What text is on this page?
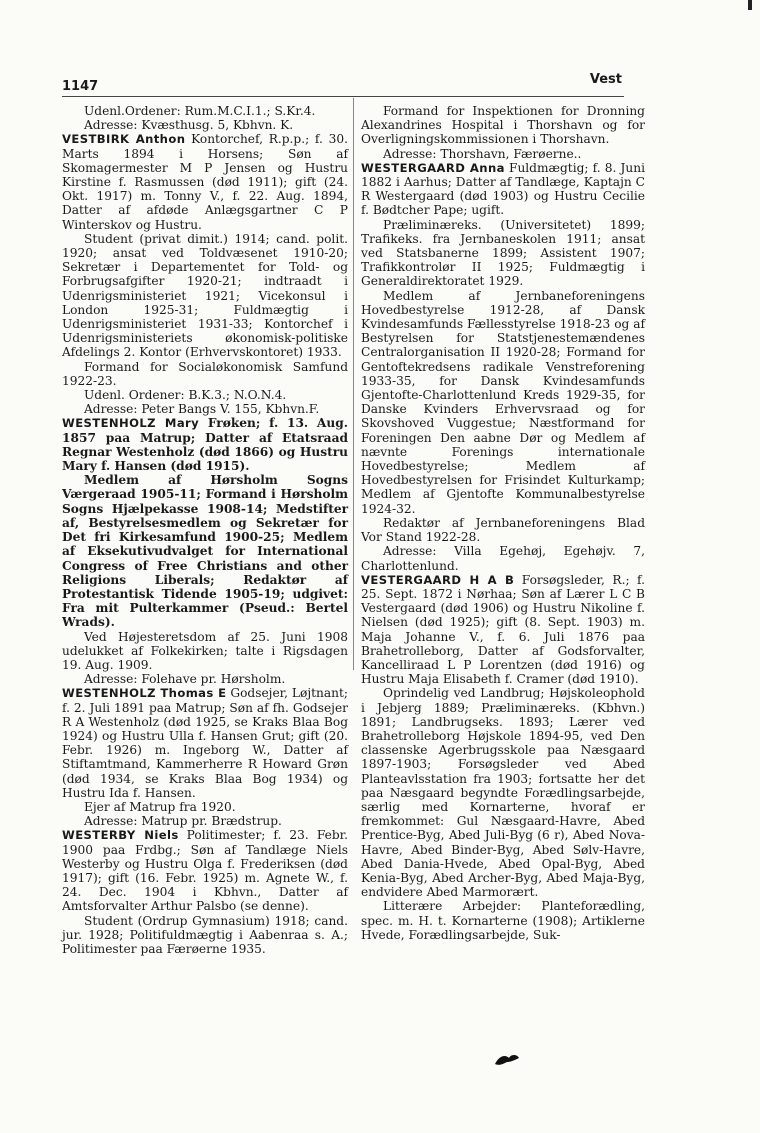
1147	Vest

Udenl.Ordener: Rum.M.C.I.1.; S.Kr.4.

Adresse: Kvæsthusg. 5, Kbhvn. K.

VESTBIRK Anthon Kontorchef, R.p.p.; f. 30. Marts 1894 i Horsens; Søn af Skomagermester M P Jensen og Hustru Kirstine f. Rasmussen (død 1911); gift (24. Okt. 1917) m. Tonny V., f. 22. Aug. 1894, Datter af afdøde Anlægsgartner C P Winterskov og Hustru.

Student (privat dimit.) 1914; cand. polit. 1920; ansat ved Toldvæsenet 1910-20; Sekretær i Departementet for Told- og Forbrugsafgifter 1920-21; indtraadt i Udenrigsministeriet 1921; Vicekonsul i London 1925-31; Fuldmægtig i Udenrigsministeriet 1931-33; Kontorchef i Udenrigsministeriets økonomisk-politiske Afdelings 2. Kontor (Erhvervskontoret) 1933.

Formand for Socialøkonomisk Samfund 1922-23.

Udenl. Ordener: B.K.3.; N.O.N.4.

Adresse: Peter Bangs V. 155, Kbhvn.F.

WESTENHOLZ Mary Frøken; f. 13. Aug. 1857 paa Matrup; Datter af Etatsraad Regnar Westenholz (død 1866) og Hustru Mary f. Hansen (død 1915).

Medlem af Hørsholm Sogns Værgeraad 1905-11; Formand i Hørsholm Sogns Hjælpekasse 1908-14; Medstifter af, Bestyrelsesmedlem og Sekretær for Det fri Kirkesamfund 1900-25; Medlem af Eksekutivudvalget for International Congress of Free Christians and other Religions Liberals; Redaktør af Protestantisk Tidende 1905-19; udgivet: Fra mit Pulterkammer (Pseud.: Bertel Wrads).

Ved Højesteretsdom af 25. Juni 1908 udelukket af Folkekirken; talte i Rigsdagen 19. Aug. 1909.

Adresse: Folehave pr. Hørsholm.

WESTENHOLZ Thomas E Godsejer, Løjtnant; f. 2. Juli 1891 paa Matrup; Søn af fh. Godsejer R A Westenholz (død 1925, se Kraks Blaa Bog 1924) og Hustru Ulla f. Hansen Grut; gift (20. Febr. 1926) m. Ingeborg W., Datter af Stiftamtmand, Kammerherre R Howard Grøn (død 1934, se Kraks Blaa Bog 1934) og Hustru Ida f. Hansen.

Ejer af Matrup fra 1920.

Adresse: Matrup pr. Brædstrup.

WESTERBY Niels Politimester; f. 23. Febr. 1900 paa Frdbg.; Søn af Tandlæge Niels Westerby og Hustru Olga f. Frederiksen (død 1917); gift (16. Febr. 1925) m. Agnete W., f. 24. Dec. 1904 i Kbhvn., Datter af Amtsforvalter Arthur Palsbo (se denne).

Student (Ordrup Gymnasium) 1918; cand. jur. 1928; Politifuldmægtig i Aabenraa s. A.; Politimester paa Færøerne 1935.

Formand for Inspektionen for Dronning Alexandrines Hospital i Thorshavn og for Overligningskommissionen i Thorshavn.

Adresse: Thorshavn, Færøerne..

WESTERGAARD Anna Fuldmægtig; f. 8. Juni 1882 i Aarhus; Datter af Tandlæge, Kaptajn C R Westergaard (død 1903) og Hustru Cecilie f. Bødtcher Pape; ugift.

Præliminæreks. (Universitetet) 1899; Trafikeks. fra Jernbaneskolen 1911; ansat ved Statsbanerne 1899; Assistent 1907; Trafikkontrolør II 1925; Fuldmægtig i Generaldirektoratet 1929.

Medlem af Jernbaneforeningens Hovedbestyrelse 1912-28, af Dansk Kvindesamfunds Fællesstyrelse 1918-23 og af Bestyrelsen for Statstjenestemændenes Centralorganisation II 1920-28; Formand for Gentoftekredsens radikale Venstreforening 1933-35, for Dansk Kvindesamfunds Gjentofte-Charlottenlund Kreds 1929-35, for Danske Kvinders Erhvervsraad og for Skovshoved Vuggestue; Næstformand for Foreningen Den aabne Dør og Medlem af nævnte Forenings internationale Hovedbestyrelse; Medlem af Hovedbestyrelsen for Frisindet Kulturkamp; Medlem af Gjentofte Kommunalbestyrelse 1924-32.

Redaktør af Jernbaneforeningens Blad Vor Stand 1922-28.

Adresse: Villa Egehøj, Egehøjv. 7, Charlottenlund.

VESTERGAARD H A B Forsøgsleder, R.; f. 25. Sept. 1872 i Nørhaa; Søn af Lærer L C B Vestergaard (død 1906) og Hustru Nikoline f. Nielsen (død 1925); gift (8. Sept. 1903) m. Maja Johanne V., f. 6. Juli 1876 paa Brahetrolleborg, Datter af Godsforvalter, Kancelliraad L P Lorentzen (død 1916) og Hustru Maja Elisabeth f. Cramer (død 1910).

Oprindelig ved Landbrug; Højskoleophold i Jebjerg 1889; Præliminæreks. (Kbhvn.) 1891; Landbrugseks. 1893; Lærer ved Brahetrolleborg Højskole 1894-95, ved Den classenske Agerbrugsskole paa Næsgaard 1897-1903; Forsøgsleder ved Abed Planteavlsstation fra 1903; fortsatte her det paa Næsgaard begyndte Forædlingsarbejde, særlig med Kornarterne, hvoraf er fremkommet: Gul Næsgaard-Havre, Abed Prentice-Byg, Abed Juli-Byg (6 r), Abed Nova-Havre, Abed Binder-Byg, Abed Sølv-Havre, Abed Dania-Hvede, Abed Opal-Byg, Abed Kenia-Byg, Abed Archer-Byg, Abed Maja-Byg, endvidere Abed Marmorært.

Litterære Arbejder: Planteforædling, spec. m. H. t. Kornarterne (1908); Artiklerne Hvede, Forædlingsarbejde, Suk-
